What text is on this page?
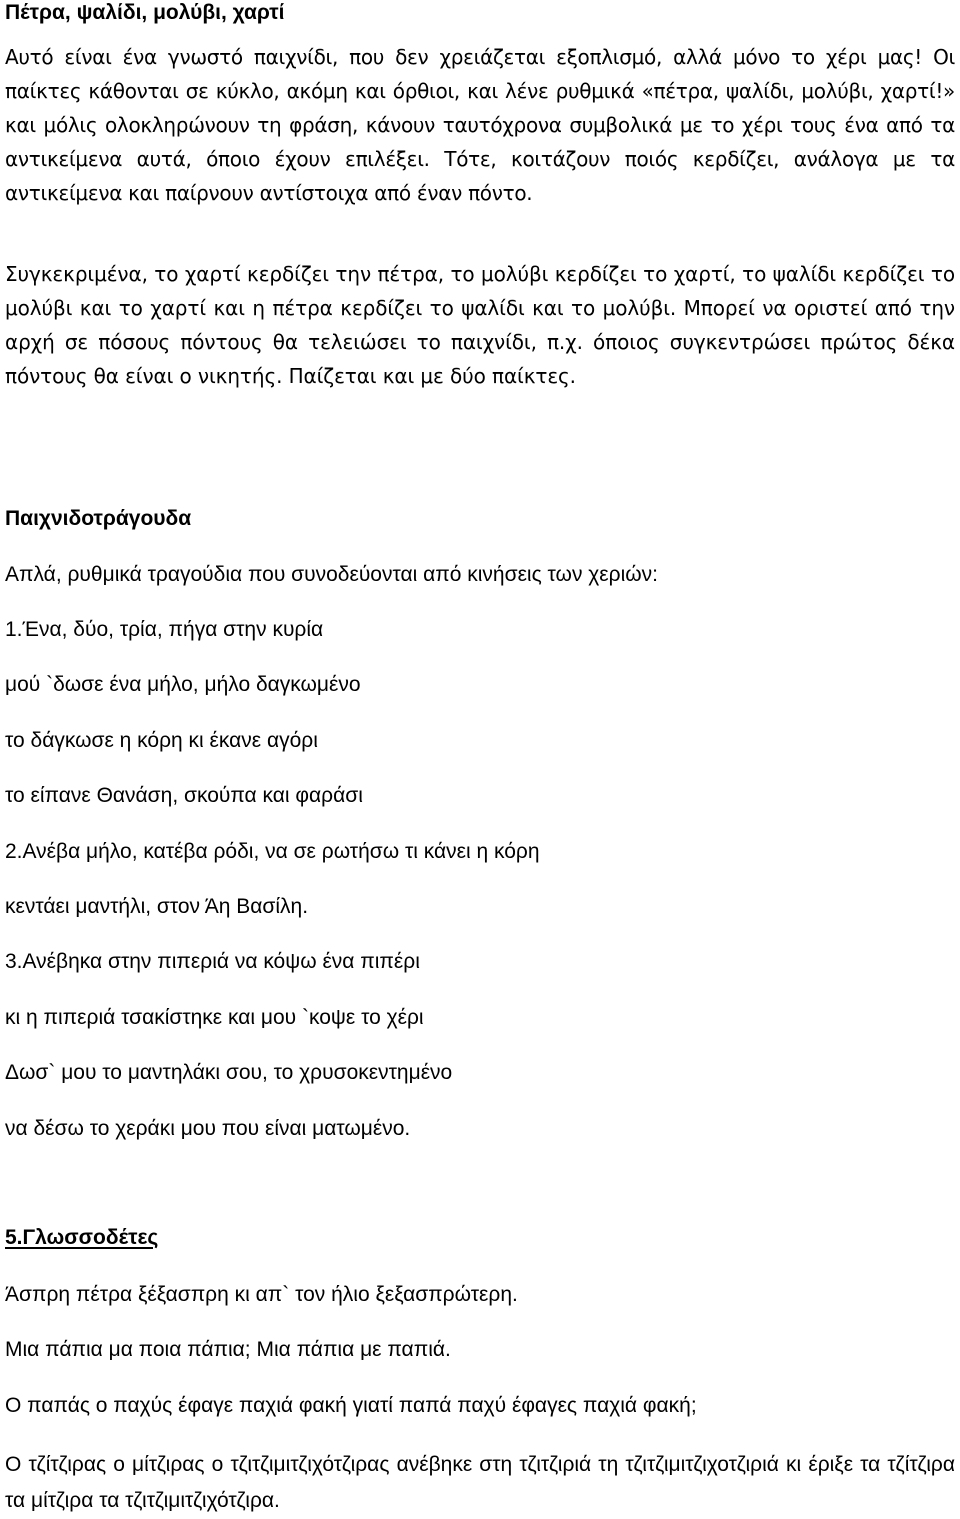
Πέτρα, ψαλίδι, μολύβι, χαρτί

Αυτό είναι ένα γνωστό παιχνίδι, που δεν χρειάζεται εξοπλισμό, αλλά μόνο το χέρι μας! Οι παίκτες κάθονται σε κύκλο, ακόμη και όρθιοι, και λένε ρυθμικά «πέτρα, ψαλίδι, μολύβι, χαρτί!» και μόλις ολοκληρώνουν τη φράση, κάνουν ταυτόχρονα συμβολικά με το χέρι τους ένα από τα αντικείμενα αυτά, όποιο έχουν επιλέξει. Τότε, κοιτάζουν ποιός κερδίζει, ανάλογα με τα αντικείμενα και παίρνουν αντίστοιχα από έναν πόντο.

Συγκεκριμένα, το χαρτί κερδίζει την πέτρα, το μολύβι κερδίζει το χαρτί, το ψαλίδι κερδίζει το μολύβι και το χαρτί και η πέτρα κερδίζει το ψαλίδι και το μολύβι. Μπορεί να οριστεί από την αρχή σε πόσους πόντους θα τελειώσει το παιχνίδι, π.χ. όποιος συγκεντρώσει πρώτος δέκα πόντους θα είναι ο νικητής. Παίζεται και με δύο παίκτες.

Παιχνιδοτράγουδα

Απλά, ρυθμικά τραγούδια που συνοδεύονται από κινήσεις των χεριών:

1.Ένα, δύο, τρία, πήγα στην κυρία

μού `δωσε ένα μήλο, μήλο δαγκωμένο

το δάγκωσε η κόρη κι έκανε αγόρι

το είπανε Θανάση, σκούπα και φαράσι

2.Ανέβα μήλο, κατέβα ρόδι, να σε ρωτήσω τι κάνει η κόρη

κεντάει μαντήλι, στον Άη Βασίλη.

3.Ανέβηκα στην πιπεριά να κόψω ένα πιπέρι

κι η πιπεριά τσακίστηκε και μου `κοψε το χέρι

Δωσ` μου το μαντηλάκι σου, το χρυσοκεντημένο

να δέσω το χεράκι μου που είναι ματωμένο.

5.Γλωσσοδέτες

Άσπρη πέτρα ξέξασπρη κι απ` τον ήλιο ξεξασπρώτερη.

Μια πάπια μα ποια πάπια; Μια πάπια με παπιά.

Ο παπάς ο παχύς έφαγε παχιά φακή γιατί παπά παχύ έφαγες παχιά φακή;

Ο τζίτζιρας ο μίτζιρας ο τζιτζιμιτζιχότζιρας ανέβηκε στη τζιτζιριά τη τζιτζιμιτζιχοτζιριά κι έριξε τα τζίτζιρα τα μίτζιρα τα τζιτζιμιτζιχότζιρα.
